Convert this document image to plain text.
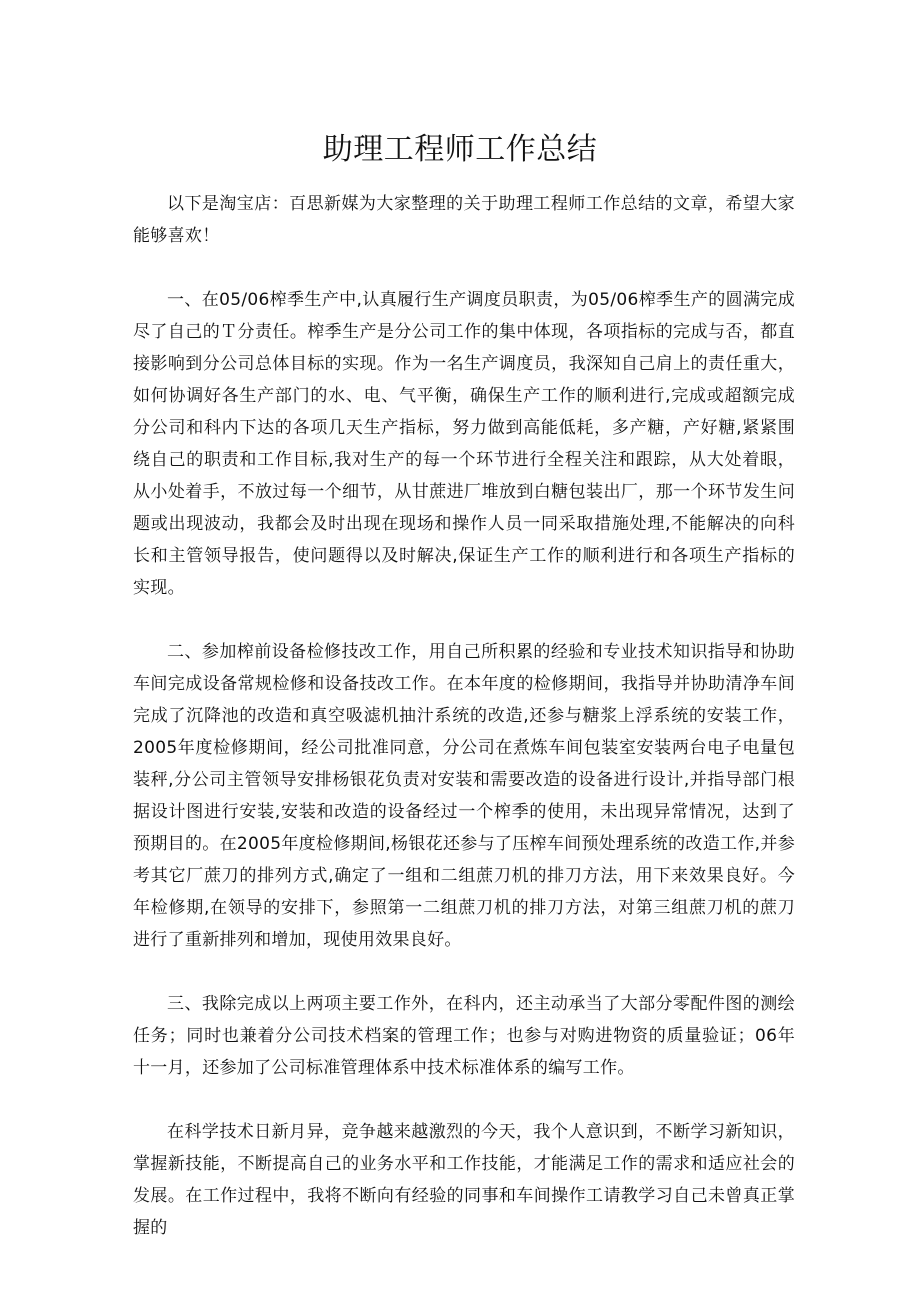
助理工程师工作总结

以下是淘宝店：百思新媒为大家整理的关于助理工程师工作总结的文章，希望大家能够喜欢！

一、在05/06榨季生产中,认真履行生产调度员职责，为05/06榨季生产的圆满完成尽了自己的Ｔ分责任。榨季生产是分公司工作的集中体现，各项指标的完成与否，都直接影响到分公司总体目标的实现。作为一名生产调度员，我深知自己肩上的责任重大，如何协调好各生产部门的水、电、气平衡，确保生产工作的顺利进行,完成或超额完成分公司和科内下达的各项几天生产指标，努力做到高能低耗，多产糖，产好糖,紧紧围绕自己的职责和工作目标,我对生产的每一个环节进行全程关注和跟踪，从大处着眼，从小处着手，不放过每一个细节，从甘蔗进厂堆放到白糖包装出厂，那一个环节发生问题或出现波动，我都会及时出现在现场和操作人员一同采取措施处理,不能解决的向科长和主管领导报告，使问题得以及时解决,保证生产工作的顺利进行和各项生产指标的实现。

二、参加榨前设备检修技改工作，用自己所积累的经验和专业技术知识指导和协助车间完成设备常规检修和设备技改工作。在本年度的检修期间，我指导并协助清净车间完成了沉降池的改造和真空吸滤机抽汁系统的改造,还参与糖浆上浮系统的安装工作，2005年度检修期间，经公司批准同意，分公司在煮炼车间包装室安装两台电子电量包装秤,分公司主管领导安排杨银花负责对安装和需要改造的设备进行设计,并指导部门根据设计图进行安装,安装和改造的设备经过一个榨季的使用，未出现异常情况，达到了预期目的。在2005年度检修期间,杨银花还参与了压榨车间预处理系统的改造工作,并参考其它厂蔗刀的排列方式,确定了一组和二组蔗刀机的排刀方法，用下来效果良好。今年检修期,在领导的安排下，参照第一二组蔗刀机的排刀方法，对第三组蔗刀机的蔗刀进行了重新排列和增加，现使用效果良好。

三、我除完成以上两项主要工作外，在科内，还主动承当了大部分零配件图的测绘任务；同时也兼着分公司技术档案的管理工作；也参与对购进物资的质量验证；06年十一月，还参加了公司标准管理体系中技术标准体系的编写工作。

在科学技术日新月异，竞争越来越激烈的今天，我个人意识到，不断学习新知识，掌握新技能，不断提高自己的业务水平和工作技能，才能满足工作的需求和适应社会的发展。在工作过程中，我将不断向有经验的同事和车间操作工请教学习自己未曾真正掌握的
